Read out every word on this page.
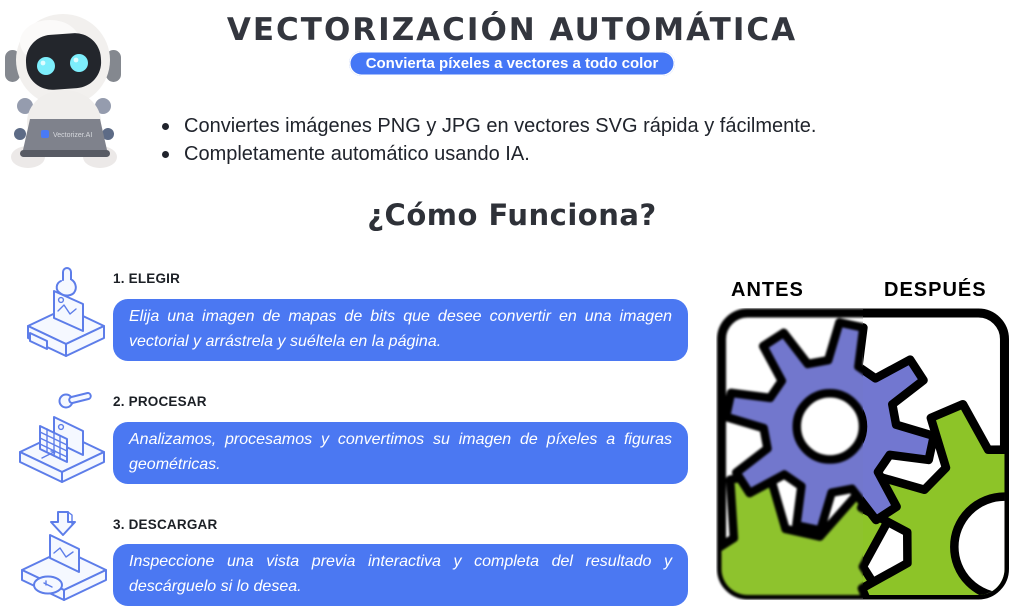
Vectorizer.AI
VECTORIZACIÓN AUTOMÁTICA
Convierta píxeles a vectores a todo color
Conviertes imágenes PNG y JPG en vectores SVG rápida y fácilmente.
Completamente automático usando IA.
¿Cómo Funciona?
1. ELEGIR
Elija una imagen de mapas de bits que desee convertir en una imagen vectorial y arrástrela y suéltela en la página.
2. PROCESAR
Analizamos, procesamos y convertimos su imagen de píxeles a figuras geométricas.
3. DESCARGAR
Inspeccione una vista previa interactiva y completa del resultado y descárguelo si lo desea.
ANTES	DESPUÉS
